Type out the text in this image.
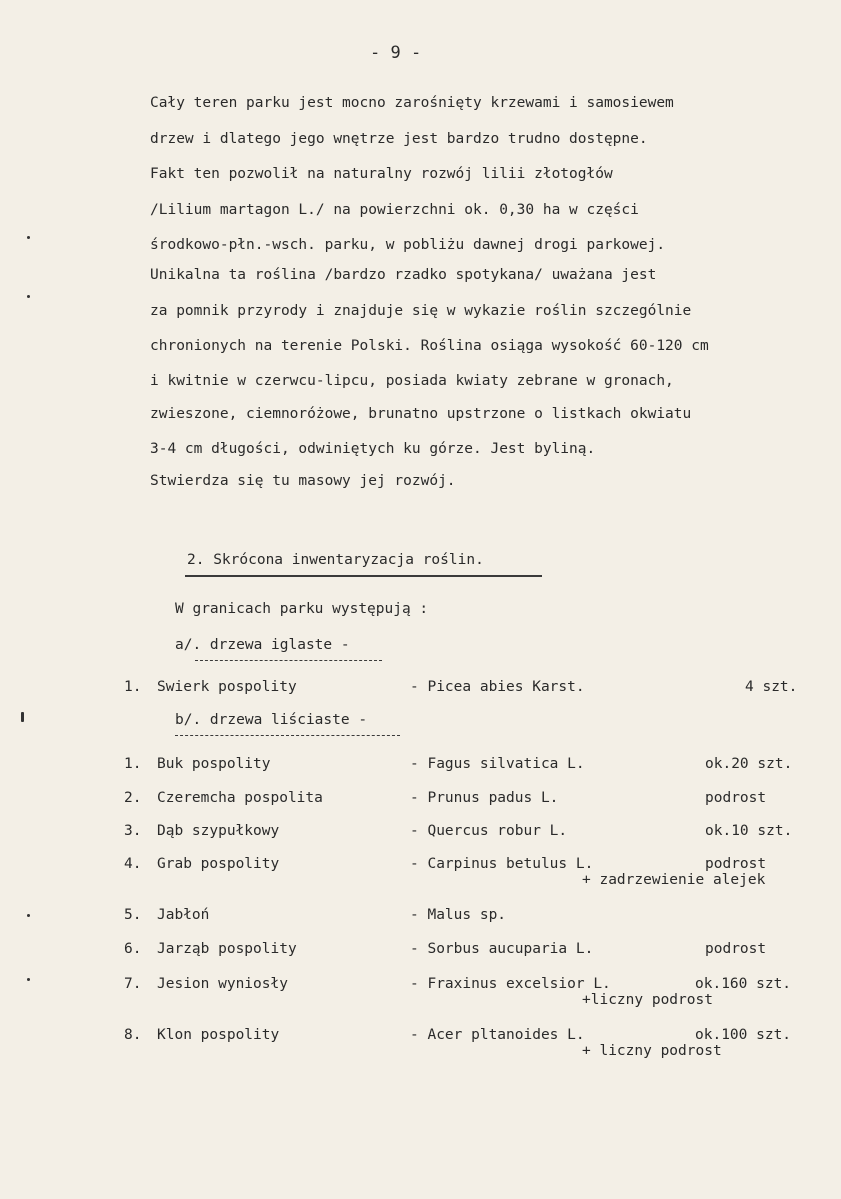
- 9 -
Cały teren parku jest mocno zarośnięty krzewami i samosiewem
drzew i dlatego jego wnętrze jest bardzo trudno dostępne.
Fakt ten pozwolił na naturalny rozwój lilii złotogłów
/Lilium martagon L./ na powierzchni ok. 0,30 ha w części
środkowo-płn.-wsch. parku, w pobliżu dawnej drogi parkowej.
Unikalna ta roślina /bardzo rzadko spotykana/ uważana jest
za pomnik przyrody i znajduje się w wykazie roślin szczególnie
chronionych na terenie Polski. Roślina osiąga wysokość 60-120 cm
i kwitnie w czerwcu-lipcu, posiada kwiaty zebrane w gronach,
zwieszone, ciemnoróżowe, brunatno upstrzone o listkach okwiatu
3-4 cm długości, odwiniętych ku górze. Jest byliną.
Stwierdza się tu masowy jej rozwój.
2. Skrócona inwentaryzacja roślin.
W granicach parku występują :
a/. drzewa iglaste -
1. Swierk pospolity	- Picea abies Karst.	4 szt.
b/. drzewa liściaste -
1. Buk pospolity	- Fagus silvatica L.	ok.20 szt.
2. Czeremcha pospolita	- Prunus padus L.	podrost
3. Dąb szypułkowy	- Quercus robur L.	ok.10 szt.
4. Grab pospolity	- Carpinus betulus L.	podrost
+ zadrzewienie alejek
5. Jabłoń	- Malus sp.
6. Jarząb pospolity	- Sorbus aucuparia L.	podrost
7. Jesion wyniosły	- Fraxinus excelsior L.	ok.160 szt.
+liczny podrost
8. Klon pospolity	- Acer pltanoides L.	ok.100 szt.
+ liczny podrost
